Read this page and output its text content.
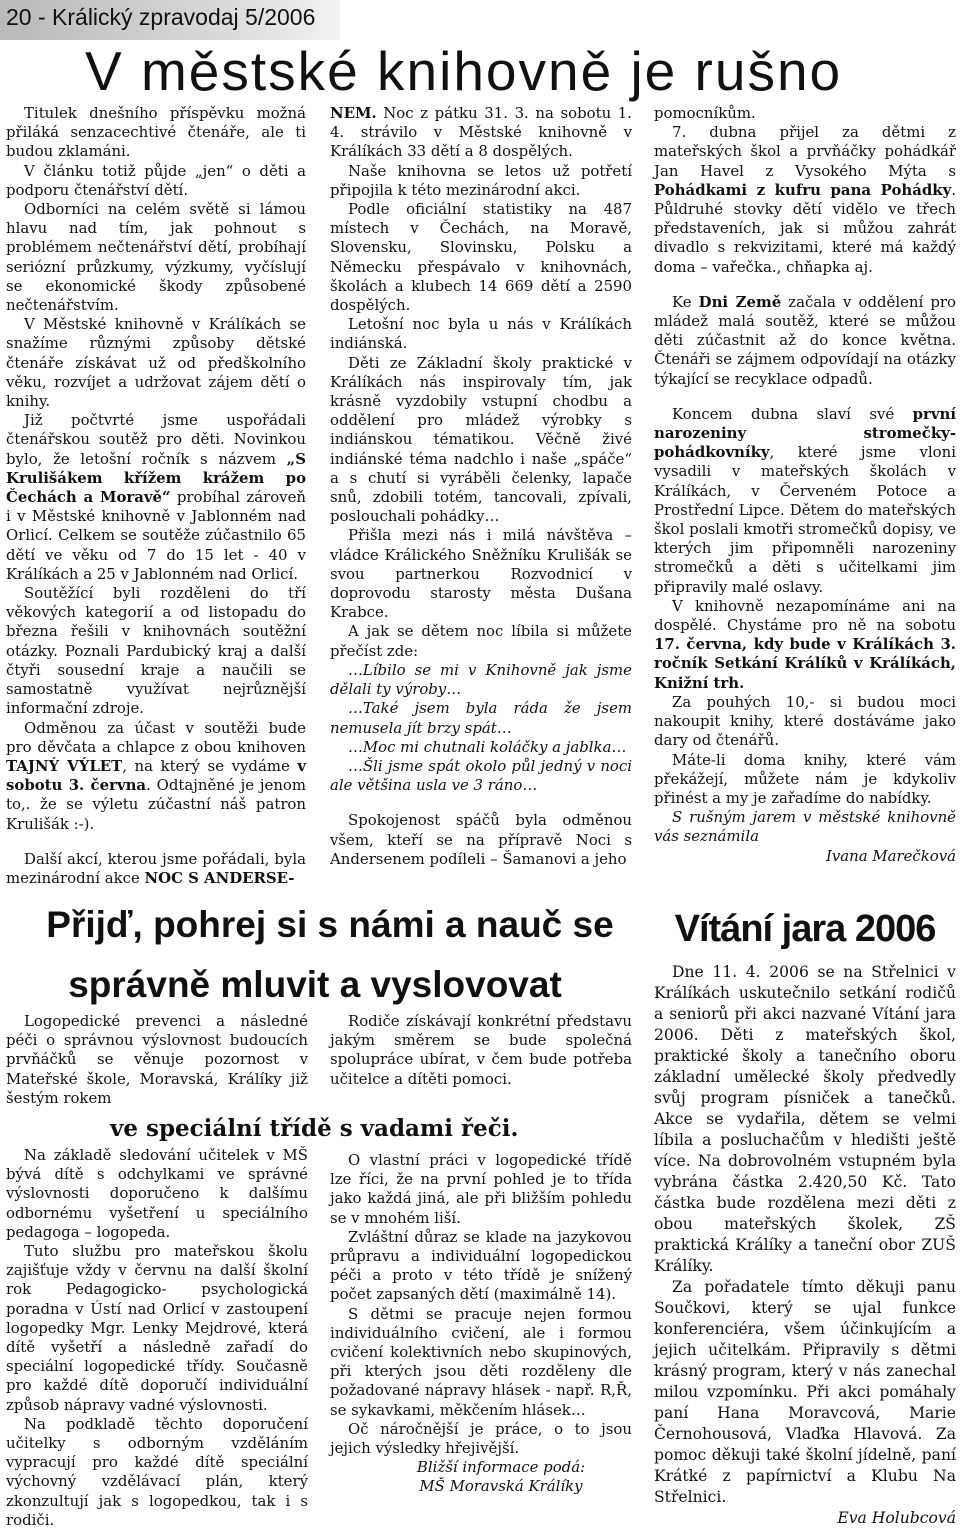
20 - Králický zpravodaj 5/2006
V městské knihovně je rušno

Titulek dnešního příspěvku možná přiláká senzacechtivé čtenáře, ale ti budou zklamáni.

V článku totiž půjde „jen“ o děti a podporu čtenářství dětí.

Odborníci na celém světě si lámou hlavu nad tím, jak pohnout s problémem nečtenářství dětí, probíhají seriózní průzkumy, výzkumy, vyčíslují se ekonomické škody způsobené nečtenářstvím.

V Městské knihovně v Králíkách se snažíme různými způsoby dětské čtenáře získávat už od předškolního věku, rozvíjet a udržovat zájem dětí o knihy.

Již počtvrté jsme uspořádali čtenářskou soutěž pro děti. Novinkou bylo, že letošní ročník s názvem „S Krulišákem křížem krážem po Čechách a Moravě“ probíhal zároveň i v Městské knihovně v Jablonném nad Orlicí. Celkem se soutěže zúčastnilo 65 dětí ve věku od 7 do 15 let - 40 v Králíkách a 25 v Jablonném nad Orlicí.

Soutěžící byli rozděleni do tří věkových kategorií a od listopadu do března řešili v knihovnách soutěžní otázky. Poznali Pardubický kraj a další čtyři sousední kraje a naučili se samostatně využívat nejrůznější informační zdroje.

Odměnou za účast v soutěži bude pro děvčata a chlapce z obou knihoven TAJNÝ VÝLET, na který se vydáme v sobotu 3. června. Odtajněné je jenom to,. že se výletu zúčastní náš patron Krulišák :-).

Další akcí, kterou jsme pořádali, byla mezinárodní akce NOC S ANDERSE-

NEM. Noc z pátku 31. 3. na sobotu 1. 4. strávilo v Městské knihovně v Králíkách 33 dětí a 8 dospělých.

Naše knihovna se letos už potřetí připojila k této mezinárodní akci.

Podle oficiální statistiky na 487 místech v Čechách, na Moravě, Slovensku, Slovinsku, Polsku a Německu přespávalo v knihovnách, školách a klubech 14 669 dětí a 2590 dospělých.

Letošní noc byla u nás v Králíkách indiánská.

Děti ze Základní školy praktické v Králíkách nás inspirovaly tím, jak krásně vyzdobily vstupní chodbu a oddělení pro mládež výrobky s indiánskou tématikou. Věčně živé indiánské téma nadchlo i naše „spáče“ a s chutí si vyráběli čelenky, lapače snů, zdobili totém, tancovali, zpívali, poslouchali pohádky…

Přišla mezi nás i milá návštěva – vládce Králického Sněžníku Krulišák se svou partnerkou Rozvodnicí v doprovodu starosty města Dušana Krabce.

A jak se dětem noc líbila si můžete přečíst zde:

…Líbilo se mi v Knihovně jak jsme dělali ty výroby…

…Také jsem byla ráda že jsem nemusela jít brzy spát…

…Moc mi chutnali koláčky a jablka…

…Šli jsme spát okolo půl jedný v noci ale většina usla ve 3 ráno…

Spokojenost spáčů byla odměnou všem, kteří se na přípravě Noci s Andersenem podíleli – Šamanovi a jeho

pomocníkům.

7. dubna přijel za dětmi z mateřských škol a prvňáčky pohádkář Jan Havel z Vysokého Mýta s Pohádkami z kufru pana Pohádky. Půldruhé stovky dětí vidělo ve třech představeních, jak si můžou zahrát divadlo s rekvizitami, které má každý doma – vařečka., chňapka aj.

Ke Dni Země začala v oddělení pro mládež malá soutěž, které se můžou děti zúčastnit až do konce května. Čtenáři se zájmem odpovídají na otázky týkající se recyklace odpadů.

Koncem dubna slaví své první narozeniny stromečky- pohádkovníky, které jsme vloni vysadili v mateřských školách v Králíkách, v Červeném Potoce a Prostřední Lipce. Dětem do mateřských škol poslali kmotři stromečků dopisy, ve kterých jim připomněli narozeniny stromečků a děti s učitelkami jim připravily malé oslavy.

V knihovně nezapomínáme ani na dospělé. Chystáme pro ně na sobotu 17. června, kdy bude v Králíkách 3. ročník Setkání Králíků v Králíkách, Knižní trh.

Za pouhých 10,- si budou moci nakoupit knihy, které dostáváme jako dary od čtenářů.

Máte-li doma knihy, které vám překážejí, můžete nám je kdykoliv přinést a my je zařadíme do nabídky.

S rušným jarem v městské knihovně vás seznámila

Ivana Marečková

Přijď, pohrej si s námi a nauč se
správně mluvit a vyslovovat

Logopedické prevenci a následné péči o správnou výslovnost budoucích prvňáčků se věnuje pozornost v Mateřské škole, Moravská, Králíky již šestým rokem

Rodiče získávají konkrétní představu jakým směrem se bude společná spolupráce ubírat, v čem bude potřeba učitelce a dítěti pomoci.

ve speciální třídě s vadami řeči.

Na základě sledování učitelek v MŠ bývá dítě s odchylkami ve správné výslovnosti doporučeno k dalšímu odbornému vyšetření u speciálního pedagoga – logopeda.

Tuto službu pro mateřskou školu zajišťuje vždy v červnu na další školní rok Pedagogicko- psychologická poradna v Ústí nad Orlicí v zastoupení logopedky Mgr. Lenky Mejdrové, která dítě vyšetří a následně zařadí do speciální logopedické třídy. Současně pro každé dítě doporučí individuální způsob nápravy vadné výslovnosti.

Na podkladě těchto doporučení učitelky s odborným vzděláním vypracují pro každé dítě speciální výchovný vzdělávací plán, který zkonzultují jak s logopedkou, tak i s rodiči.

O vlastní práci v logopedické třídě lze říci, že na první pohled je to třída jako každá jiná, ale při bližším pohledu se v mnohém liší.

Zvláštní důraz se klade na jazykovou průpravu a individuální logopedickou péči a proto v této třídě je snížený počet zapsaných dětí (maximálně 14).

S dětmi se pracuje nejen formou individuálního cvičení, ale i formou cvičení kolektivních nebo skupinových, při kterých jsou děti rozděleny dle požadované nápravy hlásek - např. R,Ř, se sykavkami, měkčením hlásek…

Oč náročnější je práce, o to jsou jejich výsledky hřejivější.

Bližší informace podá:

MŠ Moravská Králíky

Vítání jara 2006

Dne 11. 4. 2006 se na Střelnici v Králíkách uskutečnilo setkání rodičů a seniorů při akci nazvané Vítání jara 2006. Děti z mateřských škol, praktické školy a tanečního oboru základní umělecké školy předvedly svůj program písniček a tanečků. Akce se vydařila, dětem se velmi líbila a posluchačům v hledišti ještě více. Na dobrovolném vstupném byla vybrána částka 2.420,50 Kč. Tato částka bude rozdělena mezi děti z obou mateřských školek, ZŠ praktická Králíky a taneční obor ZUŠ Králíky.

Za pořadatele tímto děkuji panu Součkovi, který se ujal funkce konferenciéra, všem účinkujícím a jejich učitelkám. Připravily s dětmi krásný program, který v nás zanechal milou vzpomínku. Při akci pomáhaly paní Hana Moravcová, Marie Černohousová, Vlaďka Hlavová. Za pomoc děkuji také školní jídelně, paní Krátké z papírnictví a Klubu Na Střelnici.

Eva Holubcová
